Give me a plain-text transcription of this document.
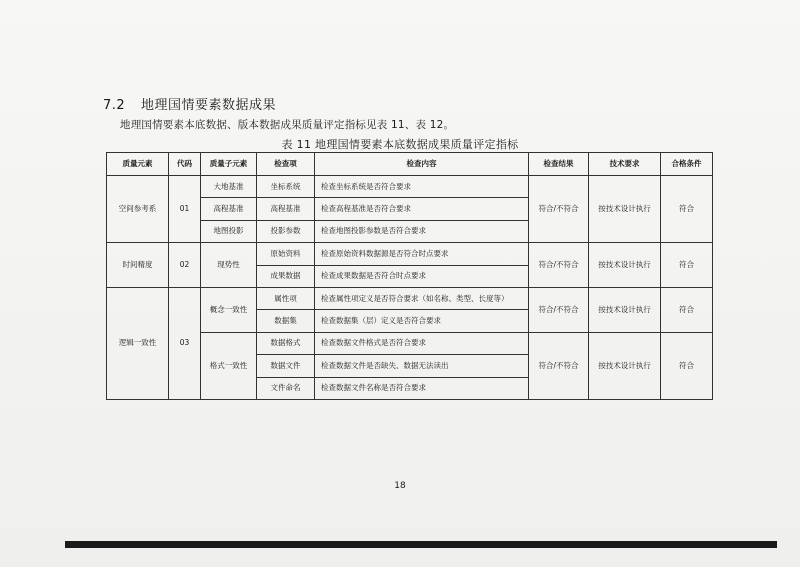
7.2 地理国情要素数据成果
地理国情要素本底数据、版本数据成果质量评定指标见表 11、表 12。
表 11 地理国情要素本底数据成果质量评定指标
质量元素	代码	质量子元素	检查项	检查内容	检查结果	技术要求	合格条件
空间参考系	01	大地基准	坐标系统	检查坐标系统是否符合要求	符合/不符合	按技术设计执行	符合
		高程基准	高程基准	检查高程基准是否符合要求			
		地图投影	投影参数	检查地图投影参数是否符合要求			
时间精度	02	现势性	原始资料	检查原始资料数据源是否符合时点要求	符合/不符合	按技术设计执行	符合
			成果数据	检查成果数据是否符合时点要求			
逻辑一致性	03	概念一致性	属性项	检查属性项定义是否符合要求（如名称、类型、长度等）	符合/不符合	按技术设计执行	符合
			数据集	检查数据集（层）定义是否符合要求			
		格式一致性	数据格式	检查数据文件格式是否符合要求	符合/不符合	按技术设计执行	符合
			数据文件	检查数据文件是否缺失、数据无法读出			
			文件命名	检查数据文件名称是否符合要求			
18
